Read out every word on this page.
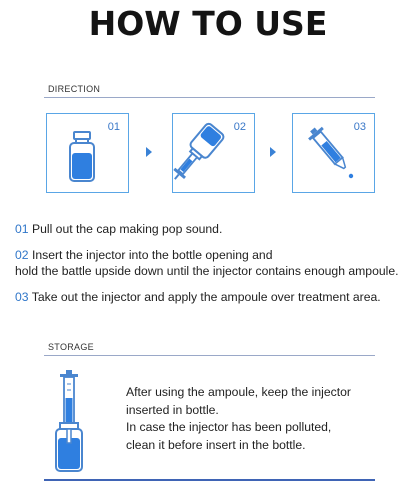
HOW TO USE
DIRECTION
01	02	03
01 Pull out the cap making pop sound.
02 Insert the injector into the bottle opening and
hold the battle upside down until the injector contains enough ampoule.
03 Take out the injector and apply the ampoule over treatment area.
STORAGE
After using the ampoule, keep the injector
inserted in bottle.
In case the injector has been polluted,
clean it before insert in the bottle.
